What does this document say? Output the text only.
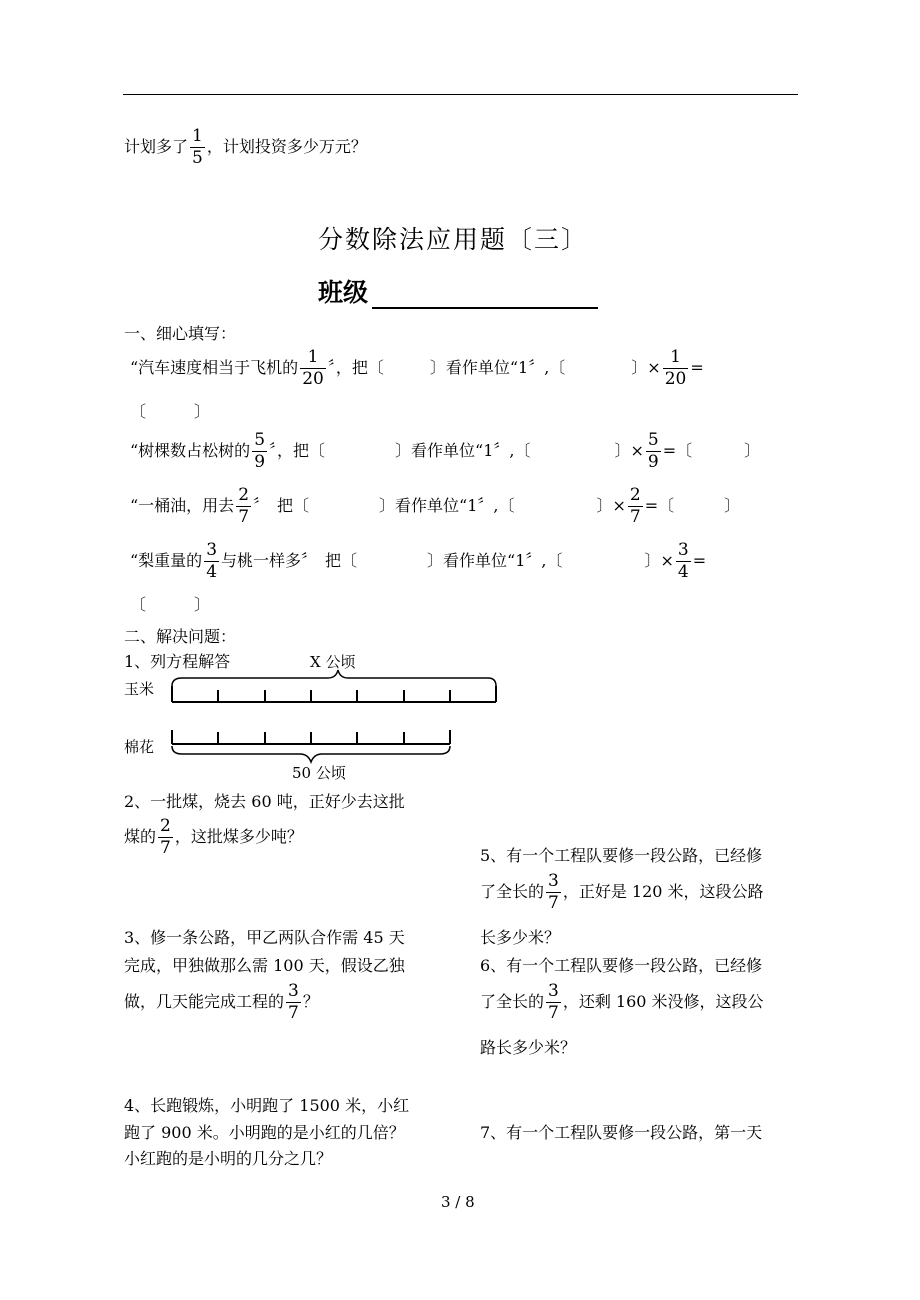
计划多了 $\frac{1}{5}$ ，计划投资多少万元？
分数除法应用题〔三〕
班级
一、细心填写：
“汽车速度相当于飞机的 $\frac{1}{20}$ 〞，把〔	〕看作单位“1〞,〔	〕× $\frac{1}{20}$ =
〔　　　〕
“树棵数占松树的 $\frac{5}{9}$ 〞，把〔	〕看作单位“1〞,〔	〕× $\frac{5}{9}$ =〔	〕
“一桶油，用去 $\frac{2}{7}$ 〞　把〔	〕看作单位“1〞,〔	〕× $\frac{2}{7}$ =〔	〕
“梨重量的 $\frac{3}{4}$ 与桃一样多〞　把〔	〕看作单位“1〞,〔	〕× $\frac{3}{4}$ =
〔　　　〕
二、解决问题：
1、列方程解答	X 公顷
玉米
棉花
50 公顷
2、一批煤，烧去 60 吨，正好少去这批
煤的 $\frac{2}{7}$ ，这批煤多少吨？
3、修一条公路，甲乙两队合作需 45 天
完成，甲独做那么需 100 天，假设乙独
做，几天能完成工程的 $\frac{3}{7}$ ？
4、长跑锻炼，小明跑了 1500 米，小红
跑了 900 米。小明跑的是小红的几倍？
小红跑的是小明的几分之几？
5、有一个工程队要修一段公路，已经修
了全长的 $\frac{3}{7}$ ，正好是 120 米，这段公路
长多少米？
6、有一个工程队要修一段公路，已经修
了全长的 $\frac{3}{7}$ ，还剩 160 米没修，这段公
路长多少米？
7、有一个工程队要修一段公路，第一天
3 / 8
